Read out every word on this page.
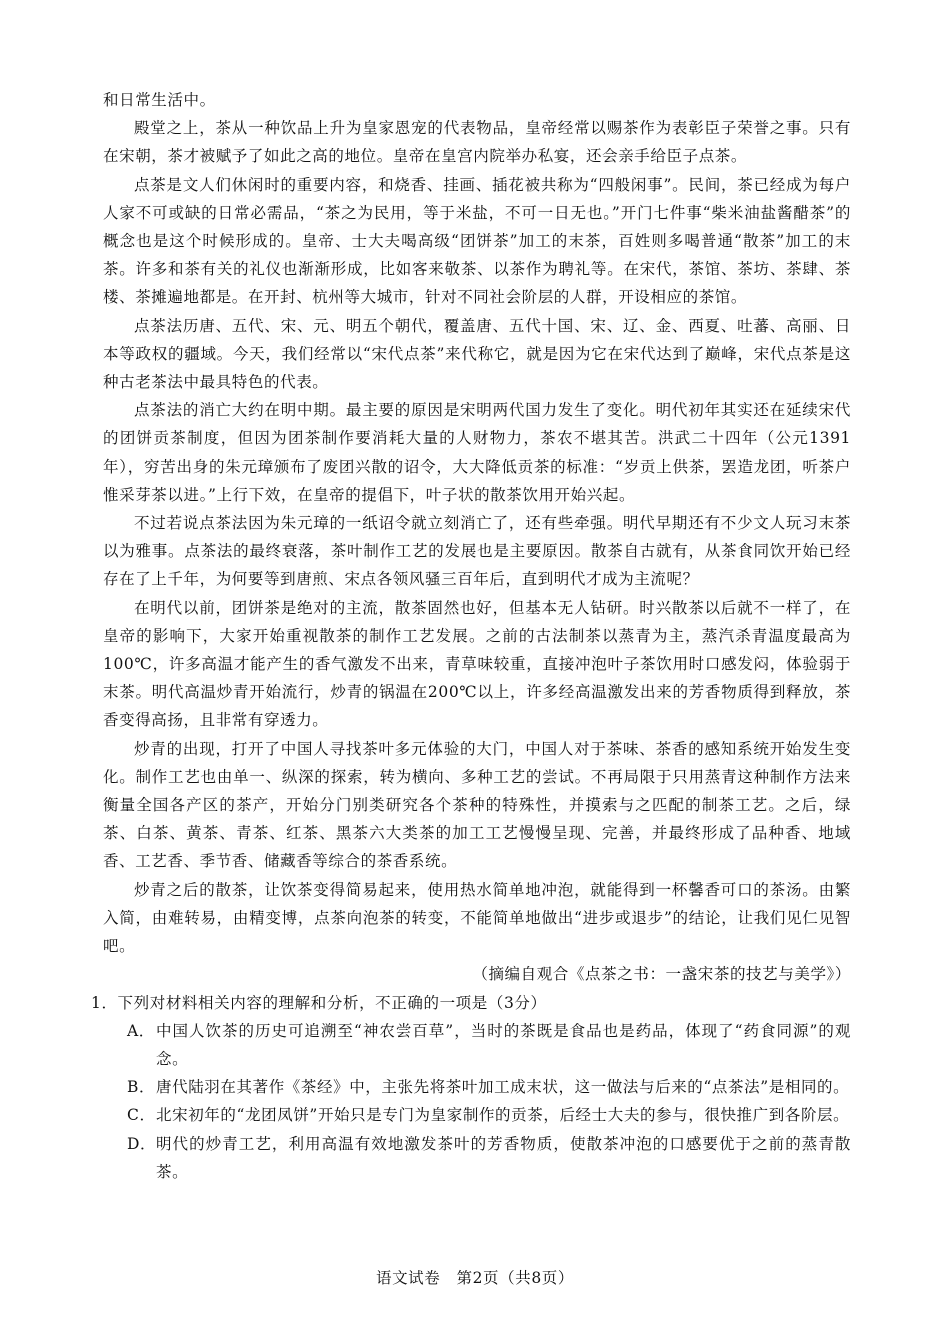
和日常生活中。

殿堂之上，茶从一种饮品上升为皇家恩宠的代表物品，皇帝经常以赐茶作为表彰臣子荣誉之事。只有在宋朝，茶才被赋予了如此之高的地位。皇帝在皇宫内院举办私宴，还会亲手给臣子点茶。

点茶是文人们休闲时的重要内容，和烧香、挂画、插花被共称为“四般闲事”。民间，茶已经成为每户人家不可或缺的日常必需品，“茶之为民用，等于米盐，不可一日无也。”开门七件事“柴米油盐酱醋茶”的概念也是这个时候形成的。皇帝、士大夫喝高级“团饼茶”加工的末茶，百姓则多喝普通“散茶”加工的末茶。许多和茶有关的礼仪也渐渐形成，比如客来敬茶、以茶作为聘礼等。在宋代，茶馆、茶坊、茶肆、茶楼、茶摊遍地都是。在开封、杭州等大城市，针对不同社会阶层的人群，开设相应的茶馆。

点茶法历唐、五代、宋、元、明五个朝代，覆盖唐、五代十国、宋、辽、金、西夏、吐蕃、高丽、日本等政权的疆域。今天，我们经常以“宋代点茶”来代称它，就是因为它在宋代达到了巅峰，宋代点茶是这种古老茶法中最具特色的代表。

点茶法的消亡大约在明中期。最主要的原因是宋明两代国力发生了变化。明代初年其实还在延续宋代的团饼贡茶制度，但因为团茶制作要消耗大量的人财物力，茶农不堪其苦。洪武二十四年（公元1391年），穷苦出身的朱元璋颁布了废团兴散的诏令，大大降低贡茶的标准：“岁贡上供茶，罢造龙团，听茶户惟采芽茶以进。”上行下效，在皇帝的提倡下，叶子状的散茶饮用开始兴起。

不过若说点茶法因为朱元璋的一纸诏令就立刻消亡了，还有些牵强。明代早期还有不少文人玩习末茶以为雅事。点茶法的最终衰落，茶叶制作工艺的发展也是主要原因。散茶自古就有，从茶食同饮开始已经存在了上千年，为何要等到唐煎、宋点各领风骚三百年后，直到明代才成为主流呢？

在明代以前，团饼茶是绝对的主流，散茶固然也好，但基本无人钻研。时兴散茶以后就不一样了，在皇帝的影响下，大家开始重视散茶的制作工艺发展。之前的古法制茶以蒸青为主，蒸汽杀青温度最高为100℃，许多高温才能产生的香气激发不出来，青草味较重，直接冲泡叶子茶饮用时口感发闷，体验弱于末茶。明代高温炒青开始流行，炒青的锅温在200℃以上，许多经高温激发出来的芳香物质得到释放，茶香变得高扬，且非常有穿透力。

炒青的出现，打开了中国人寻找茶叶多元体验的大门，中国人对于茶味、茶香的感知系统开始发生变化。制作工艺也由单一、纵深的探索，转为横向、多种工艺的尝试。不再局限于只用蒸青这种制作方法来衡量全国各产区的茶产，开始分门别类研究各个茶种的特殊性，并摸索与之匹配的制茶工艺。之后，绿茶、白茶、黄茶、青茶、红茶、黑茶六大类茶的加工工艺慢慢呈现、完善，并最终形成了品种香、地域香、工艺香、季节香、储藏香等综合的茶香系统。

炒青之后的散茶，让饮茶变得简易起来，使用热水简单地冲泡，就能得到一杯馨香可口的茶汤。由繁入简，由难转易，由精变博，点茶向泡茶的转变，不能简单地做出“进步或退步”的结论，让我们见仁见智吧。

（摘编自观合《点茶之书：一盏宋茶的技艺与美学》）

1．下列对材料相关内容的理解和分析，不正确的一项是（3分）

A． 中国人饮茶的历史可追溯至“神农尝百草”，当时的茶既是食品也是药品，体现了“药食同源”的观念。
B． 唐代陆羽在其著作《茶经》中，主张先将茶叶加工成末状，这一做法与后来的“点茶法”是相同的。
C． 北宋初年的“龙团凤饼”开始只是专门为皇家制作的贡茶，后经士大夫的参与，很快推广到各阶层。
D． 明代的炒青工艺，利用高温有效地激发茶叶的芳香物质，使散茶冲泡的口感要优于之前的蒸青散茶。
语文试卷　第2页（共8页）
